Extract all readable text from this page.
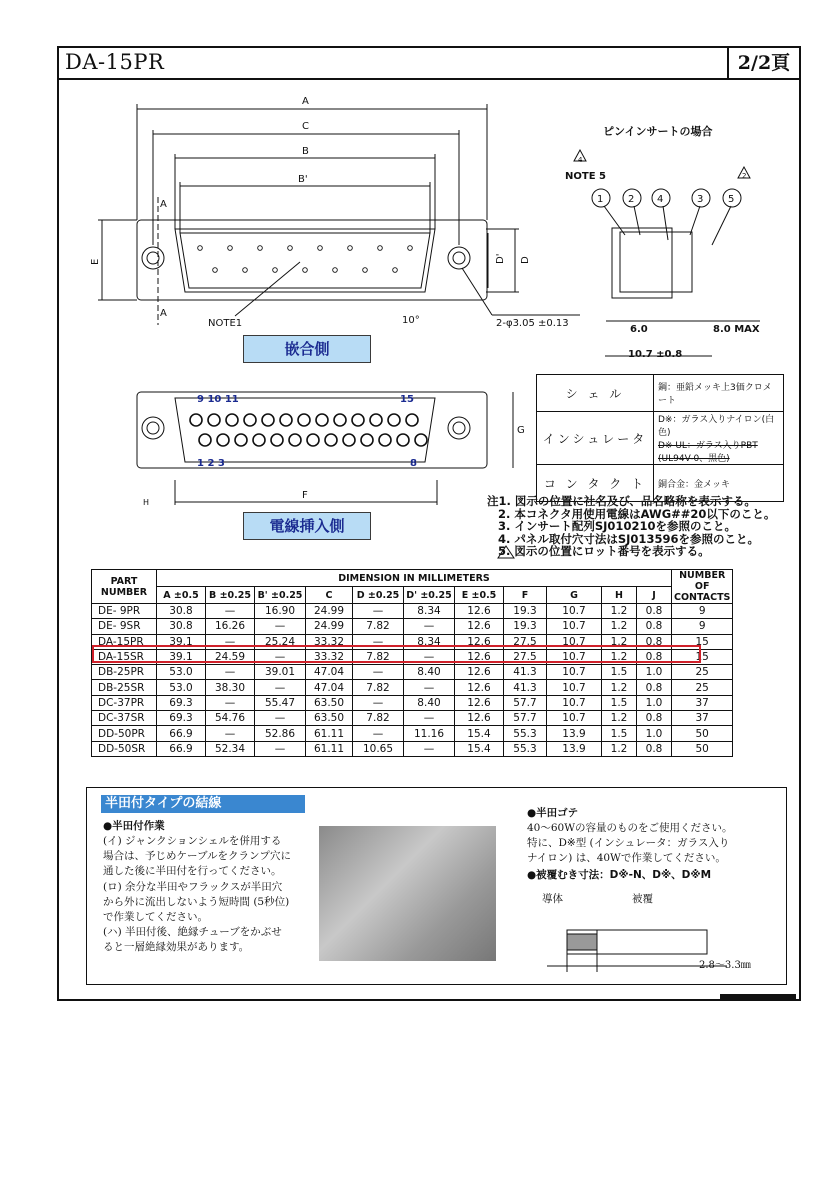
DA-15PR	2/2頁
A
C
B
B'
A
A
E	D' D
NOTE1	10°	2-φ3.05 ±0.13
ピンインサートの場合
NOTE 5
4
2
1 2 4	3 5
6.0	8.0 MAX
10.7 ±0.8
9 10 11	15
1 2 3	8
F
G
H
嵌合側
電線挿入側
シ ェ ル	鋼：亜鉛メッキ上3価クロメート
インシュレータ	D※：ガラス入りナイロン(白色)
D※ UL：ガラス入りPBT
(UL94V-0、黒色)

コ ン タ ク ト	銅合金：金メッキ
注1. 図示の位置に社名及び、品名略称を表示する。
2. 本コネクタ用使用電線はAWG##20以下のこと。
3. インサート配列SJ010210を参照のこと。
4. パネル取付穴寸法はSJ013596を参照のこと。
5. 図示の位置にロット番号を表示する。
PART NUMBER	DIMENSION IN MILLIMETERS											NUMBER OF CONTACTS
	A ±0.5	B ±0.25	B' ±0.25	C	D ±0.25	D' ±0.25	E ±0.5	F	G	H	J	
DE- 9PR	30.8	—	16.90	24.99	—	8.34	12.6	19.3	10.7	1.2	0.8	9
DE- 9SR	30.8	16.26	—	24.99	7.82	—	12.6	19.3	10.7	1.2	0.8	9
DA-15PR	39.1	—	25.24	33.32	—	8.34	12.6	27.5	10.7	1.2	0.8	15
DA-15SR	39.1	24.59	—	33.32	7.82	—	12.6	27.5	10.7	1.2	0.8	15
DB-25PR	53.0	—	39.01	47.04	—	8.40	12.6	41.3	10.7	1.5	1.0	25
DB-25SR	53.0	38.30	—	47.04	7.82	—	12.6	41.3	10.7	1.2	0.8	25
DC-37PR	69.3	—	55.47	63.50	—	8.40	12.6	57.7	10.7	1.5	1.0	37
DC-37SR	69.3	54.76	—	63.50	7.82	—	12.6	57.7	10.7	1.2	0.8	37
DD-50PR	66.9	—	52.86	61.11	—	11.16	15.4	55.3	13.9	1.5	1.0	50
DD-50SR	66.9	52.34	—	61.11	10.65	—	15.4	55.3	13.9	1.2	0.8	50
半田付タイプの結線
●半田付作業
(イ) ジャンクションシェルを併用する
場合は、予じめケーブルをクランプ穴に
通した後に半田付を行ってください。
(ロ) 余分な半田やフラックスが半田穴
から外に流出しないよう短時間 (5秒位)
で作業してください。
(ハ) 半田付後、絶縁チューブをかぶせ
ると一層絶縁効果があります。
●半田ゴテ
40～60Wの容量のものをご使用ください。
特に、D※型 (インシュレータ：ガラス入り
ナイロン) は、40Wで作業してください。
●被覆むき寸法：D※-N、D※、D※M
導体	被覆
2.8～3.3㎜
